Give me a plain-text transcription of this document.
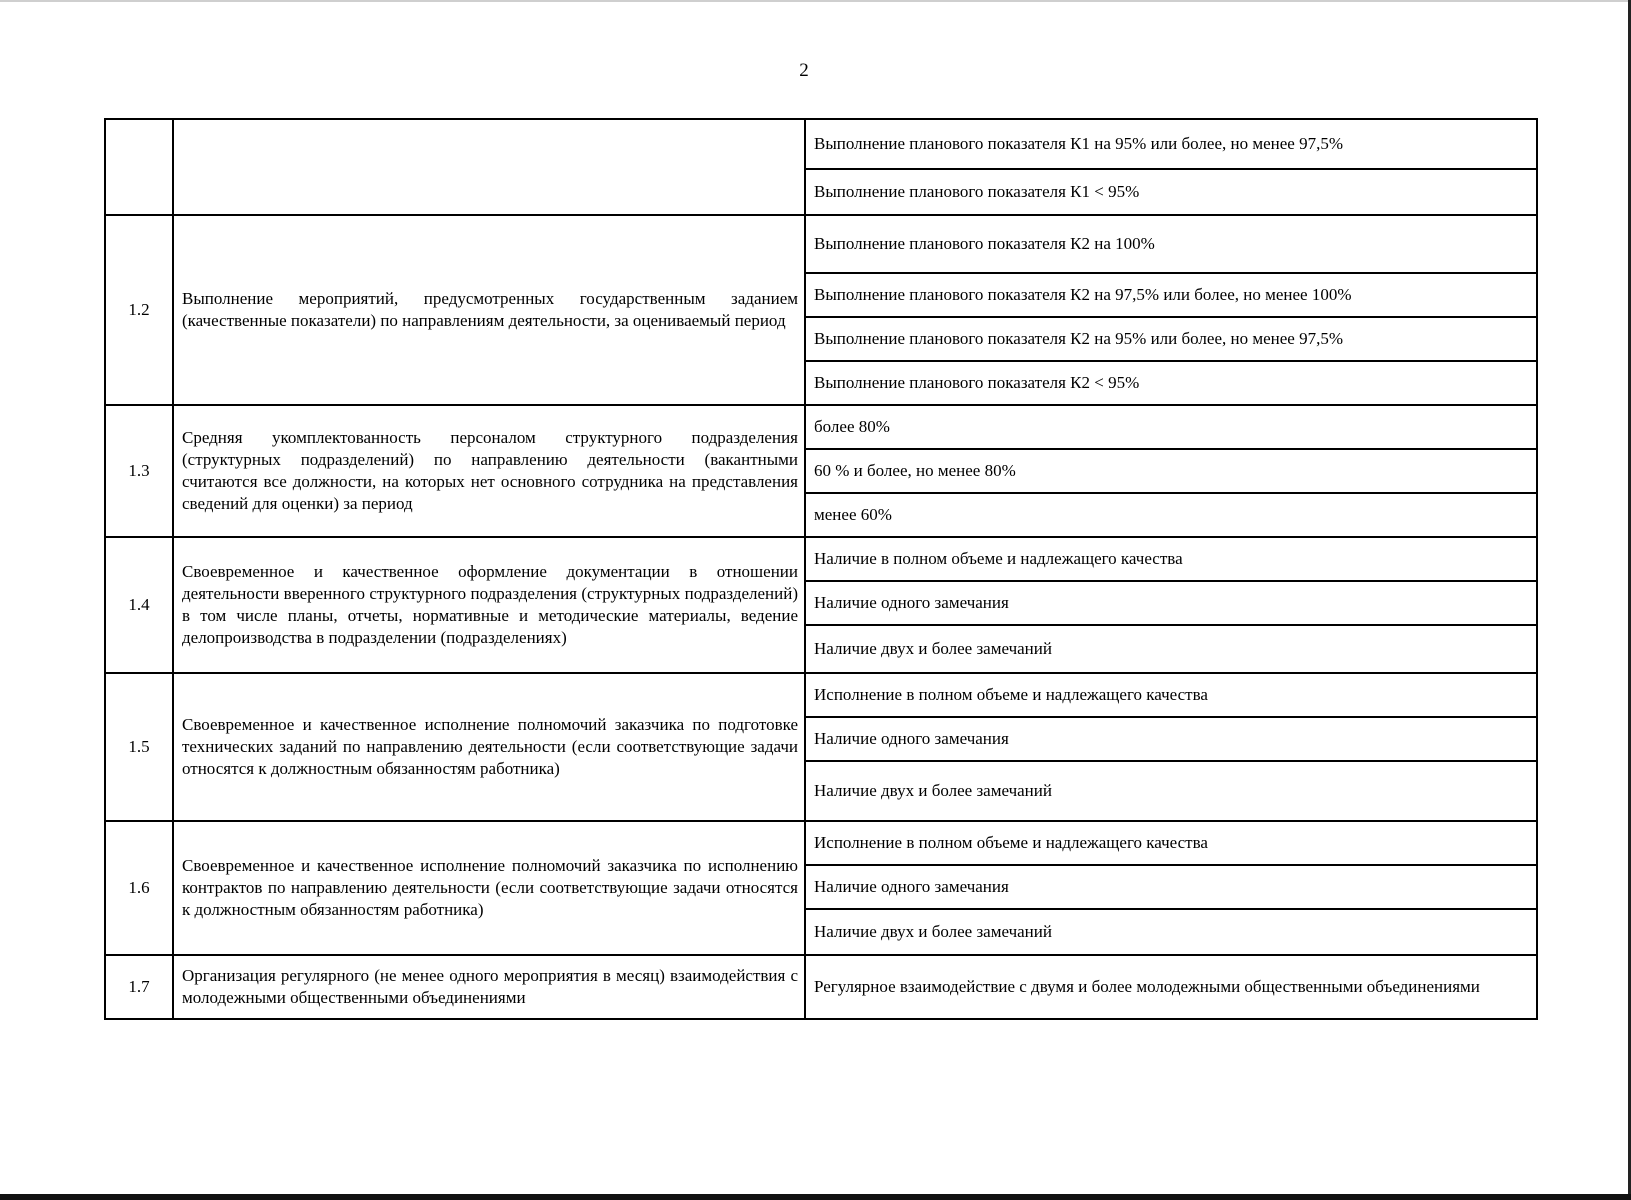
2
		Выполнение планового показателя К1 на 95% или более, но менее 97,5%
		Выполнение планового показателя К1 < 95%
1.2	Выполнение мероприятий, предусмотренных государственным заданием (качественные показатели) по направлениям деятельности, за оцениваемый период	Выполнение планового показателя К2 на 100%
		Выполнение планового показателя К2 на 97,5% или более, но менее 100%
		Выполнение планового показателя К2 на 95% или более, но менее 97,5%
		Выполнение планового показателя К2 < 95%
1.3	Средняя укомплектованность персоналом структурного подразделения (структурных подразделений) по направлению деятельности (вакантными считаются все должности, на которых нет основного сотрудника на представления сведений для оценки) за период	более 80%
		60 % и более, но менее 80%
		менее 60%
1.4	Своевременное и качественное оформление документации в отношении деятельности вверенного структурного подразделения (структурных подразделений) в том числе планы, отчеты, нормативные и методические материалы, ведение делопроизводства в подразделении (подразделениях)	Наличие в полном объеме и надлежащего качества
		Наличие одного замечания
		Наличие двух и более замечаний
1.5	Своевременное и качественное исполнение полномочий заказчика по подготовке технических заданий по направлению деятельности (если соответствующие задачи относятся к должностным обязанностям работника)	Исполнение в полном объеме и надлежащего качества
		Наличие одного замечания
		Наличие двух и более замечаний
1.6	Своевременное и качественное исполнение полномочий заказчика по исполнению контрактов по направлению деятельности (если соответствующие задачи относятся к должностным обязанностям работника)	Исполнение в полном объеме и надлежащего качества
		Наличие одного замечания
		Наличие двух и более замечаний
1.7	Организация регулярного (не менее одного мероприятия в месяц) взаимодействия с молодежными общественными объединениями	Регулярное взаимодействие с двумя и более молодежными общественными объединениями
